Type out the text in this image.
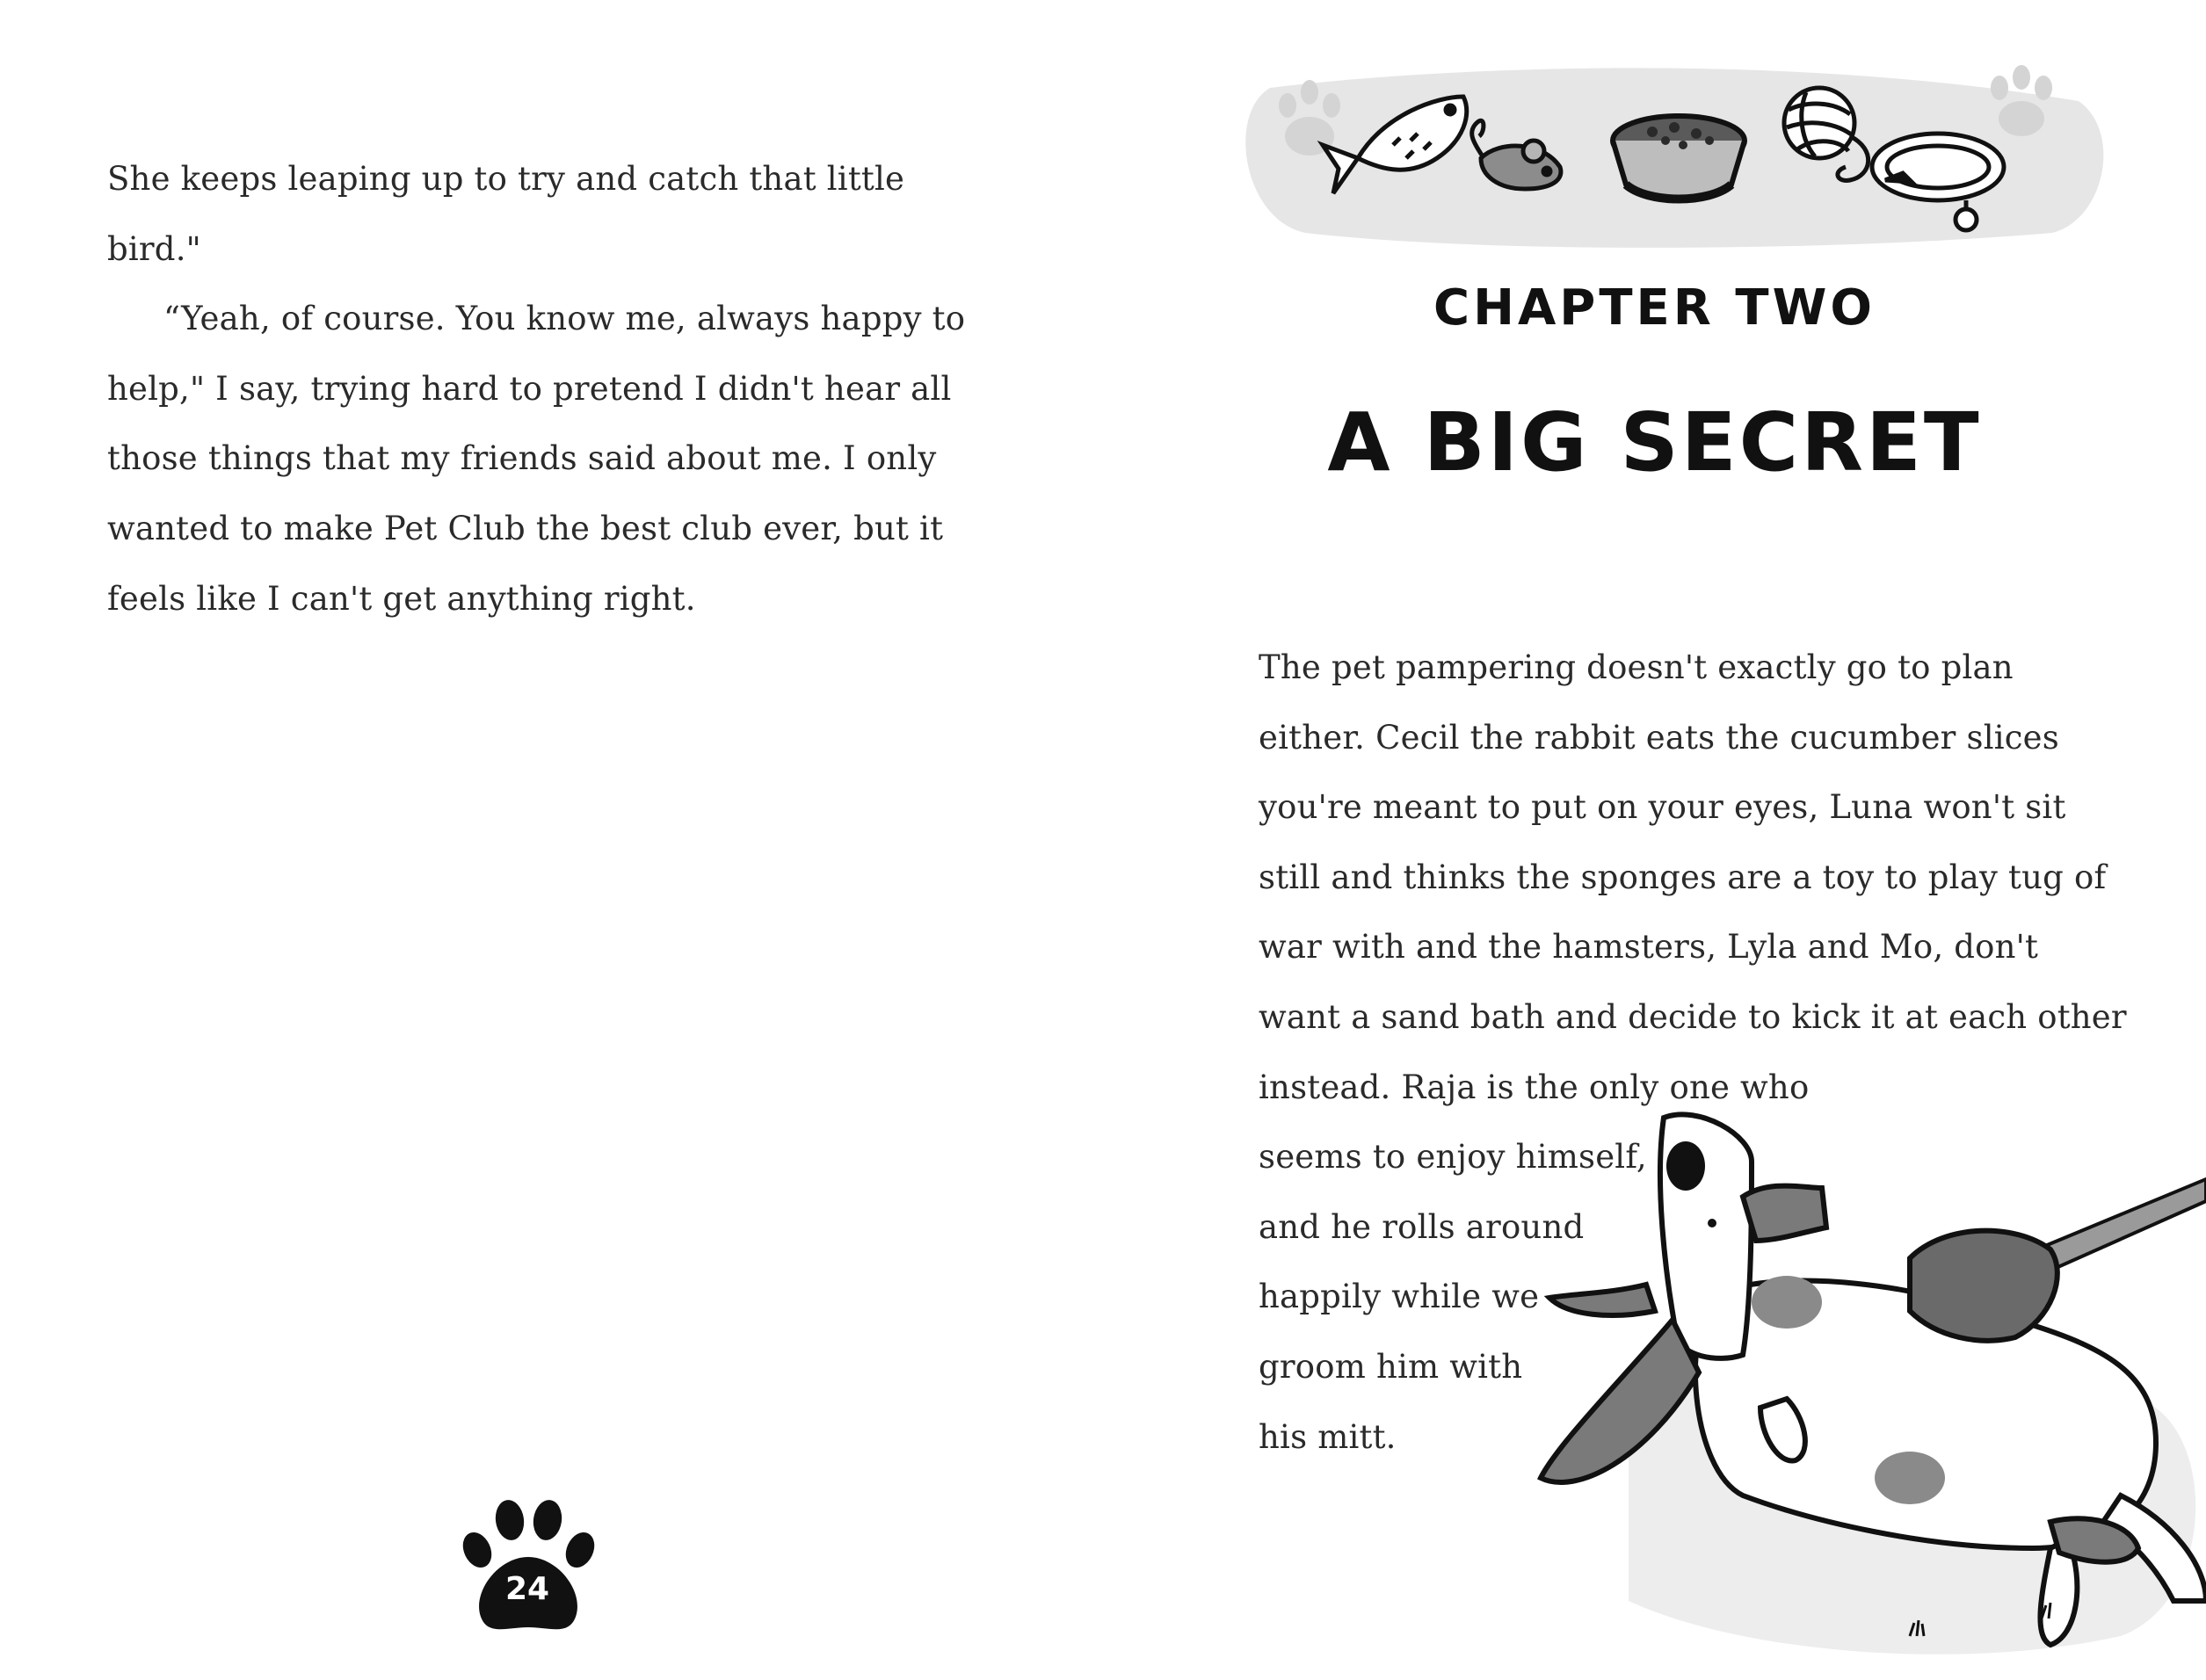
She keeps leaping up to try and catch that little

bird."

“Yeah, of course. You know me, always happy to

help," I say, trying hard to pretend I didn't hear all

those things that my friends said about me. I only

wanted to make Pet Club the best club ever, but it

feels like I can't get anything right.

24
CHAPTER TWO
A BIG SECRET

The pet pampering doesn't exactly go to plan

either. Cecil the rabbit eats the cucumber slices

you're meant to put on your eyes, Luna won't sit

still and thinks the sponges are a toy to play tug of

war with and the hamsters, Lyla and Mo, don't

want a sand bath and decide to kick it at each other

instead. Raja is the only one who

seems to enjoy himself,

and he rolls around

happily while we

groom him with

his mitt.
